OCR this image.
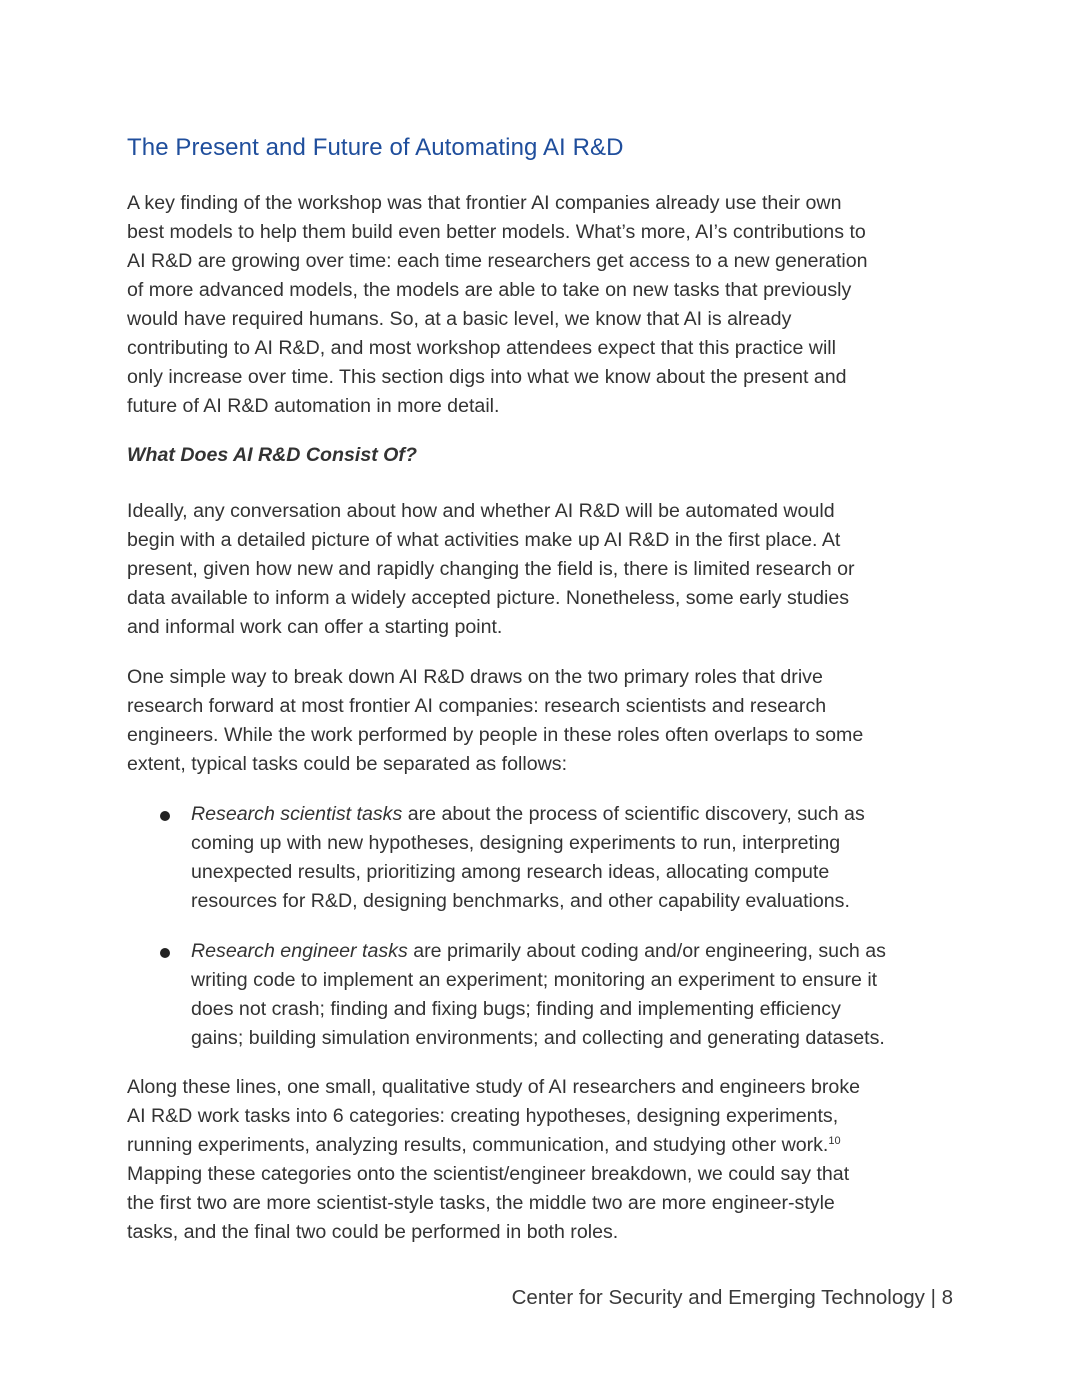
The Present and Future of Automating AI R&D

A key finding of the workshop was that frontier AI companies already use their own
best models to help them build even better models. What’s more, AI’s contributions to
AI R&D are growing over time: each time researchers get access to a new generation
of more advanced models, the models are able to take on new tasks that previously
would have required humans. So, at a basic level, we know that AI is already
contributing to AI R&D, and most workshop attendees expect that this practice will
only increase over time. This section digs into what we know about the present and
future of AI R&D automation in more detail.

What Does AI R&D Consist Of?

Ideally, any conversation about how and whether AI R&D will be automated would
begin with a detailed picture of what activities make up AI R&D in the first place. At
present, given how new and rapidly changing the field is, there is limited research or
data available to inform a widely accepted picture. Nonetheless, some early studies
and informal work can offer a starting point.

One simple way to break down AI R&D draws on the two primary roles that drive
research forward at most frontier AI companies: research scientists and research
engineers. While the work performed by people in these roles often overlaps to some
extent, typical tasks could be separated as follows:

Research scientist tasks are about the process of scientific discovery, such as
coming up with new hypotheses, designing experiments to run, interpreting
unexpected results, prioritizing among research ideas, allocating compute
resources for R&D, designing benchmarks, and other capability evaluations.
Research engineer tasks are primarily about coding and/or engineering, such as
writing code to implement an experiment; monitoring an experiment to ensure it
does not crash; finding and fixing bugs; finding and implementing efficiency
gains; building simulation environments; and collecting and generating datasets.

Along these lines, one small, qualitative study of AI researchers and engineers broke
AI R&D work tasks into 6 categories: creating hypotheses, designing experiments,
running experiments, analyzing results, communication, and studying other work.$^{10}$
Mapping these categories onto the scientist/engineer breakdown, we could say that
the first two are more scientist-style tasks, the middle two are more engineer-style
tasks, and the final two could be performed in both roles.

Center for Security and Emerging Technology | 8
